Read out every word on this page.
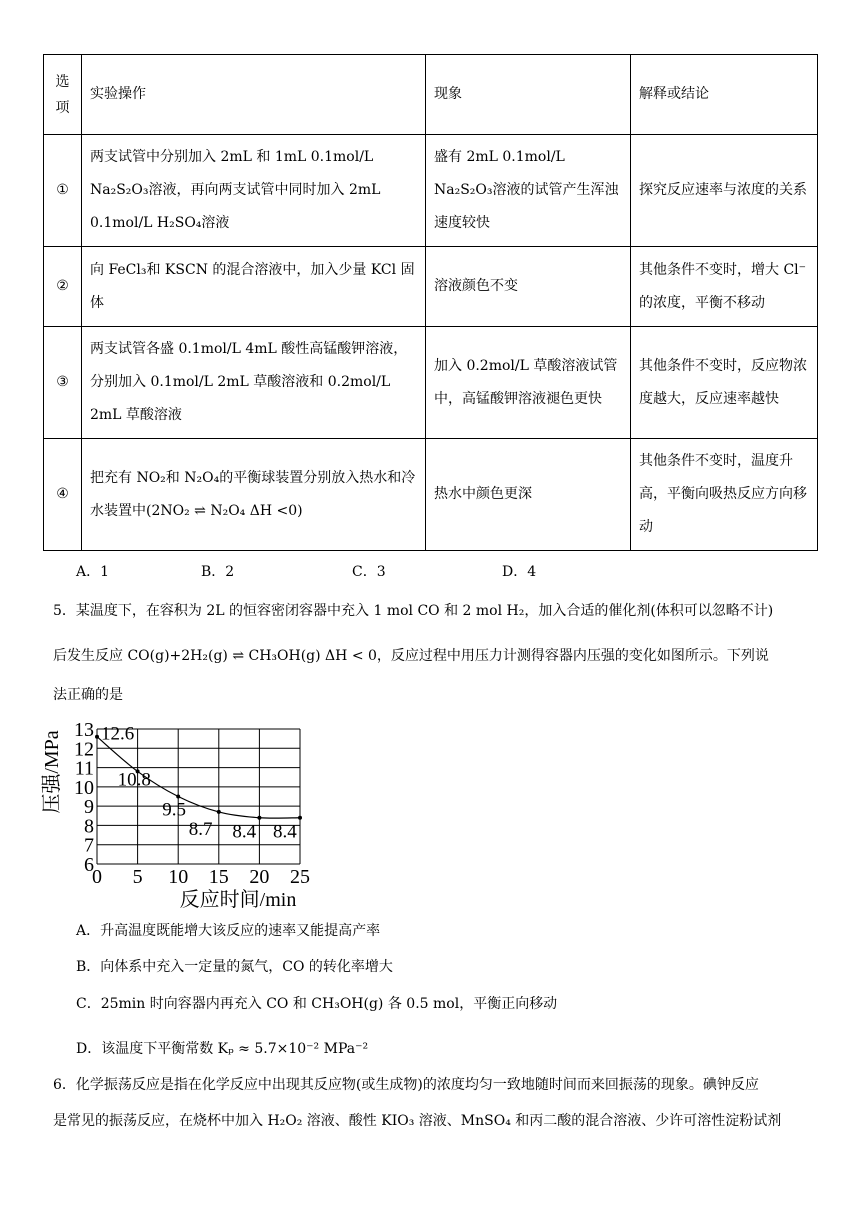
选
项	实验操作	现象	解释或结论
①	两支试管中分别加入 2mL 和 1mL 0.1mol/L Na₂S₂O₃溶液，再向两支试管中同时加入 2mL 0.1mol/L H₂SO₄溶液	盛有 2mL 0.1mol/L Na₂S₂O₃溶液的试管产生浑浊速度较快	探究反应速率与浓度的关系
②	向 FeCl₃和 KSCN 的混合溶液中，加入少量 KCl 固体	溶液颜色不变	其他条件不变时，增大 Cl⁻的浓度，平衡不移动
③	两支试管各盛 0.1mol/L 4mL 酸性高锰酸钾溶液，分别加入 0.1mol/L 2mL 草酸溶液和 0.2mol/L 2mL 草酸溶液	加入 0.2mol/L 草酸溶液试管中，高锰酸钾溶液褪色更快	其他条件不变时，反应物浓度越大，反应速率越快
④	把充有 NO₂和 N₂O₄的平衡球装置分别放入热水和冷水装置中(2NO₂ ⇌ N₂O₄ ΔH <0)	热水中颜色更深	其他条件不变时，温度升高，平衡向吸热反应方向移动
A．1	B．2	C．3	D．4
5．某温度下，在容积为 2L 的恒容密闭容器中充入 1 mol CO 和 2 mol H₂，加入合适的催化剂(体积可以忽略不计)
后发生反应 CO(g)+2H₂(g) ⇌ CH₃OH(g) ΔH < 0，反应过程中用压力计测得容器内压强的变化如图所示。下列说
法正确的是
0 5 10 15 20 25
6
7
8
9
10
11
12
13 12.6
10.8
9.5
8.7 8.4 8.4
压强/MPa
反应时间/min
A．升高温度既能增大该反应的速率又能提高产率
B．向体系中充入一定量的氮气，CO 的转化率增大
C．25min 时向容器内再充入 CO 和 CH₃OH(g) 各 0.5 mol，平衡正向移动
D．该温度下平衡常数 Kₚ ≈ 5.7×10⁻² MPa⁻²
6．化学振荡反应是指在化学反应中出现其反应物(或生成物)的浓度均匀一致地随时间而来回振荡的现象。碘钟反应
是常见的振荡反应，在烧杯中加入 H₂O₂ 溶液、酸性 KIO₃ 溶液、MnSO₄ 和丙二酸的混合溶液、少许可溶性淀粉试剂
